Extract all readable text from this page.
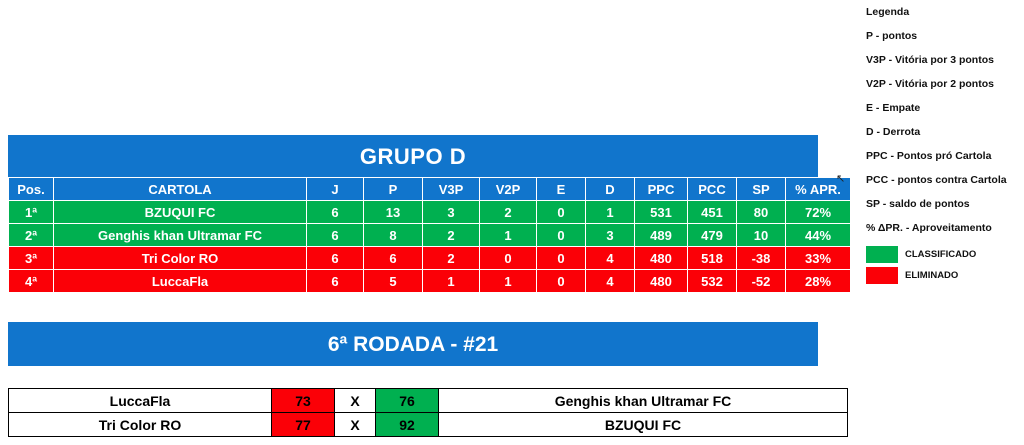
GRUPO D
Pos.	CARTOLA	J	P	V3P	V2P	E	D	PPC	PCC	SP	% APR.
1ª	BZUQUI FC	6	13	3	2	0	1	531	451	80	72%
2ª	Genghis khan Ultramar FC	6	8	2	1	0	3	489	479	10	44%
3ª	Tri Color RO	6	6	2	0	0	4	480	518	-38	33%
4ª	LuccaFla	6	5	1	1	0	4	480	532	-52	28%
6ª RODADA - #21
LuccaFla	73	X	76	Genghis khan Ultramar FC
Tri Color RO	77	X	92	BZUQUI FC
↖
Legenda
P - pontos
V3P - Vitória por 3 pontos
V2P - Vitória por 2 pontos
E - Empate
D - Derrota
PPC - Pontos pró Cartola
PCC - pontos contra Cartola
SP - saldo de pontos
% ΔPR. - Aproveitamento
CLASSIFICADO
ELIMINADO
